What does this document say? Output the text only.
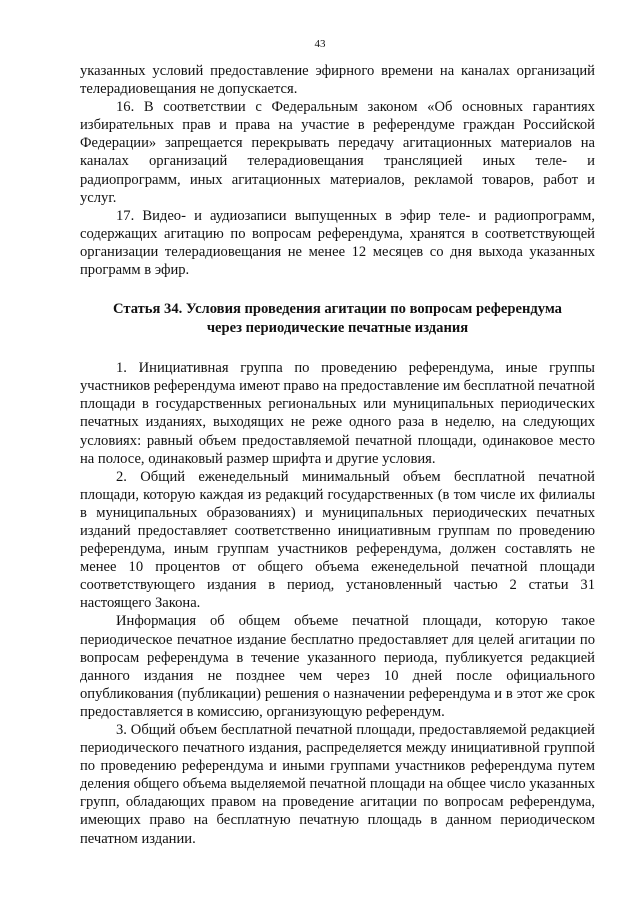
43

указанных условий предоставление эфирного времени на каналах организаций телерадиовещания не допускается.

16. В соответствии с Федеральным законом «Об основных гарантиях избирательных прав и права на участие в референдуме граждан Российской Федерации» запрещается перекрывать передачу агитационных материалов на каналах организаций телерадиовещания трансляцией иных теле- и радиопрограмм, иных агитационных материалов, рекламой товаров, работ и услуг.

17. Видео- и аудиозаписи выпущенных в эфир теле- и радиопрограмм, содержащих агитацию по вопросам референдума, хранятся в соответствующей организации телерадиовещания не менее 12 месяцев со дня выхода указанных программ в эфир.

Статья 34. Условия проведения агитации по вопросам референдума
через периодические печатные издания

1. Инициативная группа по проведению референдума, иные группы участников референдума имеют право на предоставление им бесплатной печатной площади в государственных региональных или муниципальных периодических печатных изданиях, выходящих не реже одного раза в неделю, на следующих условиях: равный объем предоставляемой печатной площади, одинаковое место на полосе, одинаковый размер шрифта и другие условия.

2. Общий еженедельный минимальный объем бесплатной печатной площади, которую каждая из редакций государственных (в том числе их филиалы в муниципальных образованиях) и муниципальных периодических печатных изданий предоставляет соответственно инициативным группам по проведению референдума, иным группам участников референдума, должен составлять не менее 10 процентов от общего объема еженедельной печатной площади соответствующего издания в период, установленный частью 2 статьи 31 настоящего Закона.

Информация об общем объеме печатной площади, которую такое периодическое печатное издание бесплатно предоставляет для целей агитации по вопросам референдума в течение указанного периода, публикуется редакцией данного издания не позднее чем через 10 дней после официального опубликования (публикации) решения о назначении референдума и в этот же срок предоставляется в комиссию, организующую референдум.

3. Общий объем бесплатной печатной площади, предоставляемой редакцией периодического печатного издания, распределяется между инициативной группой по проведению референдума и иными группами участников референдума путем деления общего объема выделяемой печатной площади на общее число указанных групп, обладающих правом на проведение агитации по вопросам референдума, имеющих право на бесплатную печатную площадь в данном периодическом печатном издании.
